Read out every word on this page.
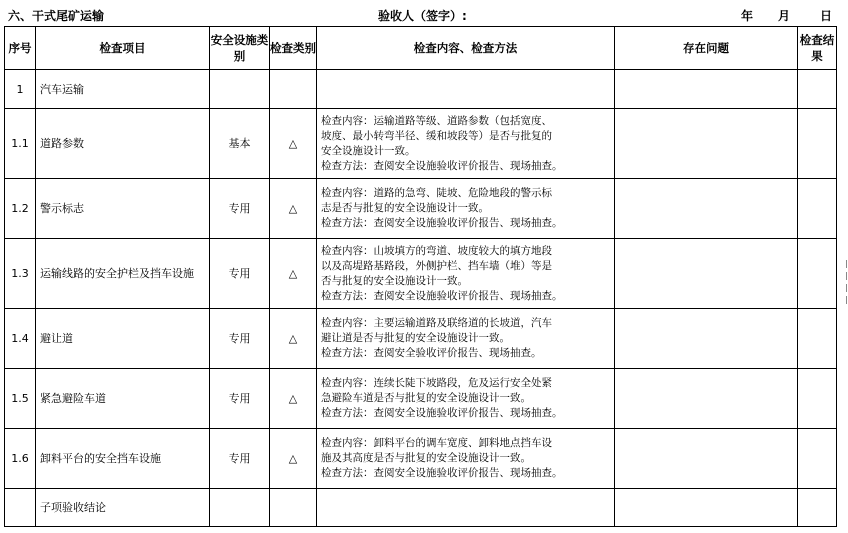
六、干式尾矿运输	验收人（签字）:	年 月 日
序号	检查项目	安全设施类别	检查类别	检查内容、检查方法	存在问题	检查结果
1	汽车运输					
1.1	道路参数	基本	△	检查内容：运输道路等级、道路参数（包括宽度、
坡度、最小转弯半径、缓和坡段等）是否与批复的
安全设施设计一致。
检查方法：查阅安全设施验收评价报告、现场抽查。		

1.2	警示标志	专用	△	检查内容：道路的急弯、陡坡、危险地段的警示标
志是否与批复的安全设施设计一致。
检查方法：查阅安全设施验收评价报告、现场抽查。		

1.3	运输线路的安全护栏及挡车设施	专用	△	检查内容：山坡填方的弯道、坡度较大的填方地段
以及高堤路基路段，外侧护栏、挡车墙（堆）等是
否与批复的安全设施设计一致。
检查方法：查阅安全设施验收评价报告、现场抽查。		

1.4	避让道	专用	△	检查内容：主要运输道路及联络道的长坡道，汽车
避让道是否与批复的安全设施设计一致。
检查方法：查阅安全验收评价报告、现场抽查。		

1.5	紧急避险车道	专用	△	检查内容：连续长陡下坡路段，危及运行安全处紧
急避险车道是否与批复的安全设施设计一致。
检查方法：查阅安全设施验收评价报告、现场抽查。		

1.6	卸料平台的安全挡车设施	专用	△	检查内容：卸料平台的调车宽度、卸料地点挡车设
施及其高度是否与批复的安全设施设计一致。
检查方法：查阅安全设施验收评价报告、现场抽查。		

	子项验收结论					
